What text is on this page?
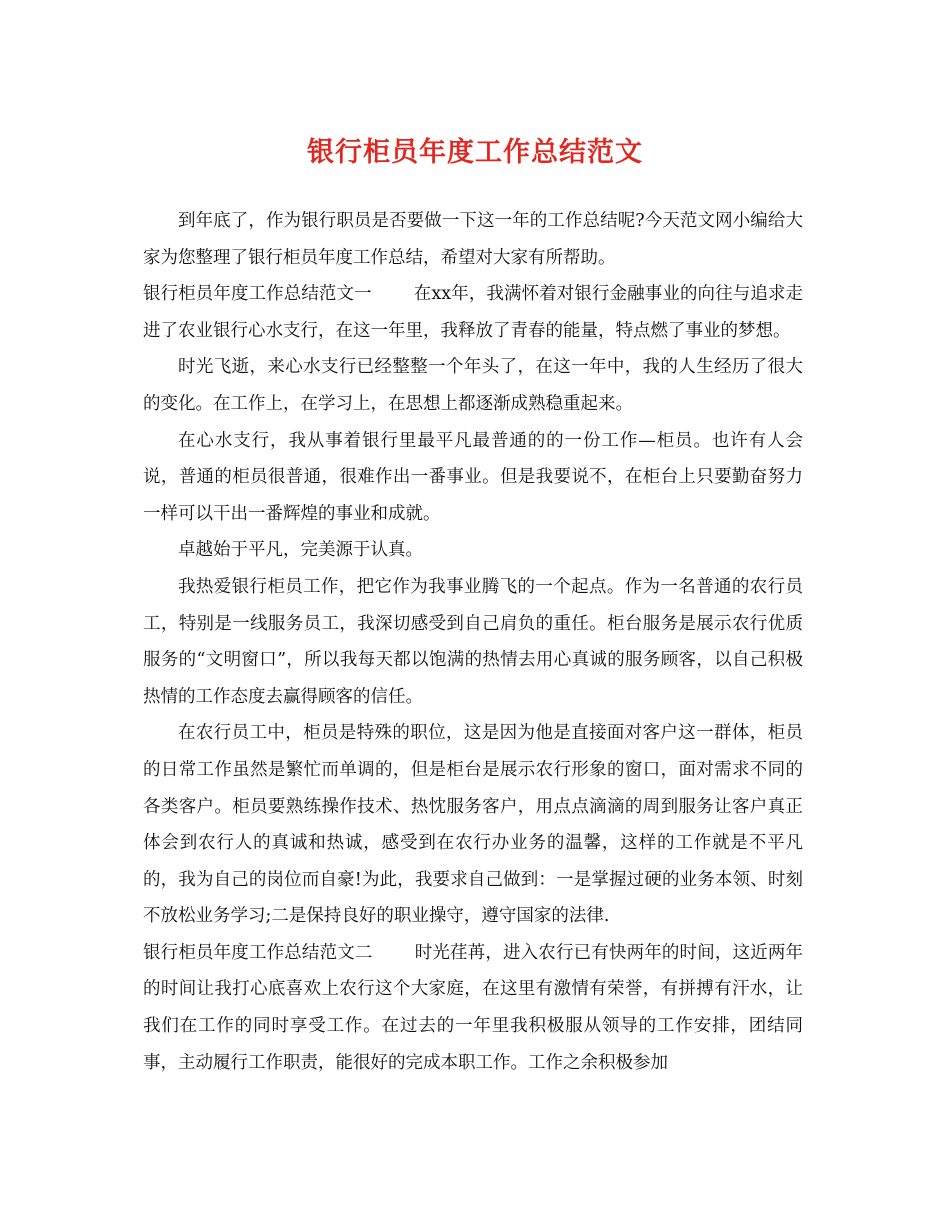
银行柜员年度工作总结范文

到年底了，作为银行职员是否要做一下这一年的工作总结呢?今天范文网小编给大家为您整理了银行柜员年度工作总结，希望对大家有所帮助。

银行柜员年度工作总结范文一 在xx年，我满怀着对银行金融事业的向往与追求走进了农业银行心水支行，在这一年里，我释放了青春的能量，特点燃了事业的梦想。

时光飞逝，来心水支行已经整整一个年头了，在这一年中，我的人生经历了很大的变化。在工作上，在学习上，在思想上都逐渐成熟稳重起来。

在心水支行，我从事着银行里最平凡最普通的的一份工作—柜员。也许有人会说，普通的柜员很普通，很难作出一番事业。但是我要说不，在柜台上只要勤奋努力一样可以干出一番辉煌的事业和成就。

卓越始于平凡，完美源于认真。

我热爱银行柜员工作，把它作为我事业腾飞的一个起点。作为一名普通的农行员工，特别是一线服务员工，我深切感受到自己肩负的重任。柜台服务是展示农行优质服务的“文明窗口”，所以我每天都以饱满的热情去用心真诚的服务顾客，以自己积极热情的工作态度去赢得顾客的信任。

在农行员工中，柜员是特殊的职位，这是因为他是直接面对客户这一群体，柜员的日常工作虽然是繁忙而单调的，但是柜台是展示农行形象的窗口，面对需求不同的各类客户。柜员要熟练操作技术、热忱服务客户，用点点滴滴的周到服务让客户真正体会到农行人的真诚和热诚，感受到在农行办业务的温馨，这样的工作就是不平凡的，我为自己的岗位而自豪!为此，我要求自己做到：一是掌握过硬的业务本领、时刻不放松业务学习;二是保持良好的职业操守，遵守国家的法律.

银行柜员年度工作总结范文二 时光荏苒，进入农行已有快两年的时间，这近两年的时间让我打心底喜欢上农行这个大家庭，在这里有激情有荣誉，有拼搏有汗水，让我们在工作的同时享受工作。在过去的一年里我积极服从领导的工作安排，团结同事，主动履行工作职责，能很好的完成本职工作。工作之余积极参加
